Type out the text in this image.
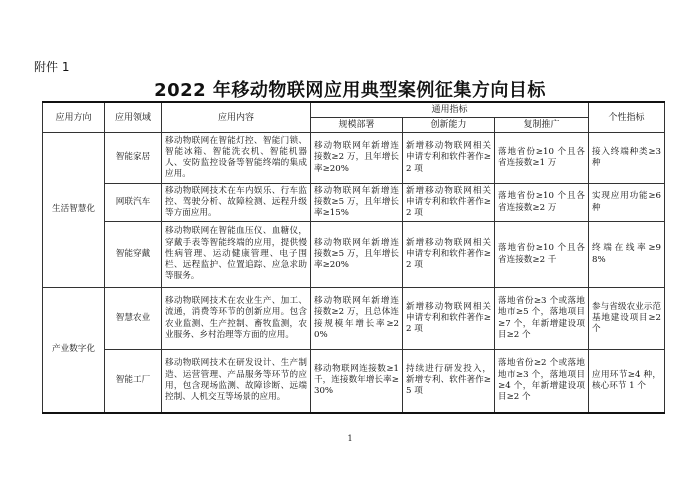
附件 1
2022 年移动物联网应用典型案例征集方向目标
应用方向	应用领域	应用内容	通用指标			个性指标
			规模部署	创新能力	复制推广	
生活智慧化	智能家居	移动物联网在智能灯控、智能门锁、智能冰箱、智能洗衣机、智能机器人、安防监控设备等智能终端的集成应用。	移动物联网年新增连接数≥2 万，且年增长率≥20%	新增移动物联网相关申请专利和软件著作≥2 项	落地省份≥10 个且各省连接数≥1 万	接入终端种类≥3 种
	网联汽车	移动物联网技术在车内娱乐、行车监控、驾驶分析、故障检测、远程升级等方面应用。	移动物联网年新增连接数≥5 万，且年增长率≥15%	新增移动物联网相关申请专利和软件著作≥2 项	落地省份≥10 个且各省连接数≥2 万	实现应用功能≥6 种
	智能穿戴	移动物联网在智能血压仪、血糖仪，穿戴手表等智能终端的应用，提供慢性病管理、运动健康管理、电子围栏、远程监护、位置追踪、应急求助等服务。	移动物联网年新增连接数≥5 万，且年增长率≥20%	新增移动物联网相关申请专利和软件著作≥2 项	落地省份≥10 个且各省连接数≥2 千	终端在线率≥98%
产业数字化	智慧农业	移动物联网技术在农业生产、加工、流通，消费等环节的创新应用。包含农业监测、生产控制、畜牧监测，农业服务、乡村治理等方面的应用。	移动物联网年新增连接数≥2 万，且总体连接规模年增长率≥20%	新增移动物联网相关申请专利和软件著作≥2 项	落地省份≥3 个或落地地市≥5 个，落地项目≥7 个，年新增建设项目≥2 个	参与省级农业示范基地建设项目≥2 个
	智能工厂	移动物联网技术在研发设计、生产制造、运营管理、产品服务等环节的应用，包含现场监测、故障诊断、远端控制、人机交互等场景的应用。	移动物联网连接数≥1 千，连接数年增长率≥30%	持续进行研发投入，新增专利、软件著作≥5 项	落地省份≥2 个或落地地市≥3 个，落地项目≥4 个，年新增建设项目≥2 个	应用环节≥4 种，核心环节 1 个
1
